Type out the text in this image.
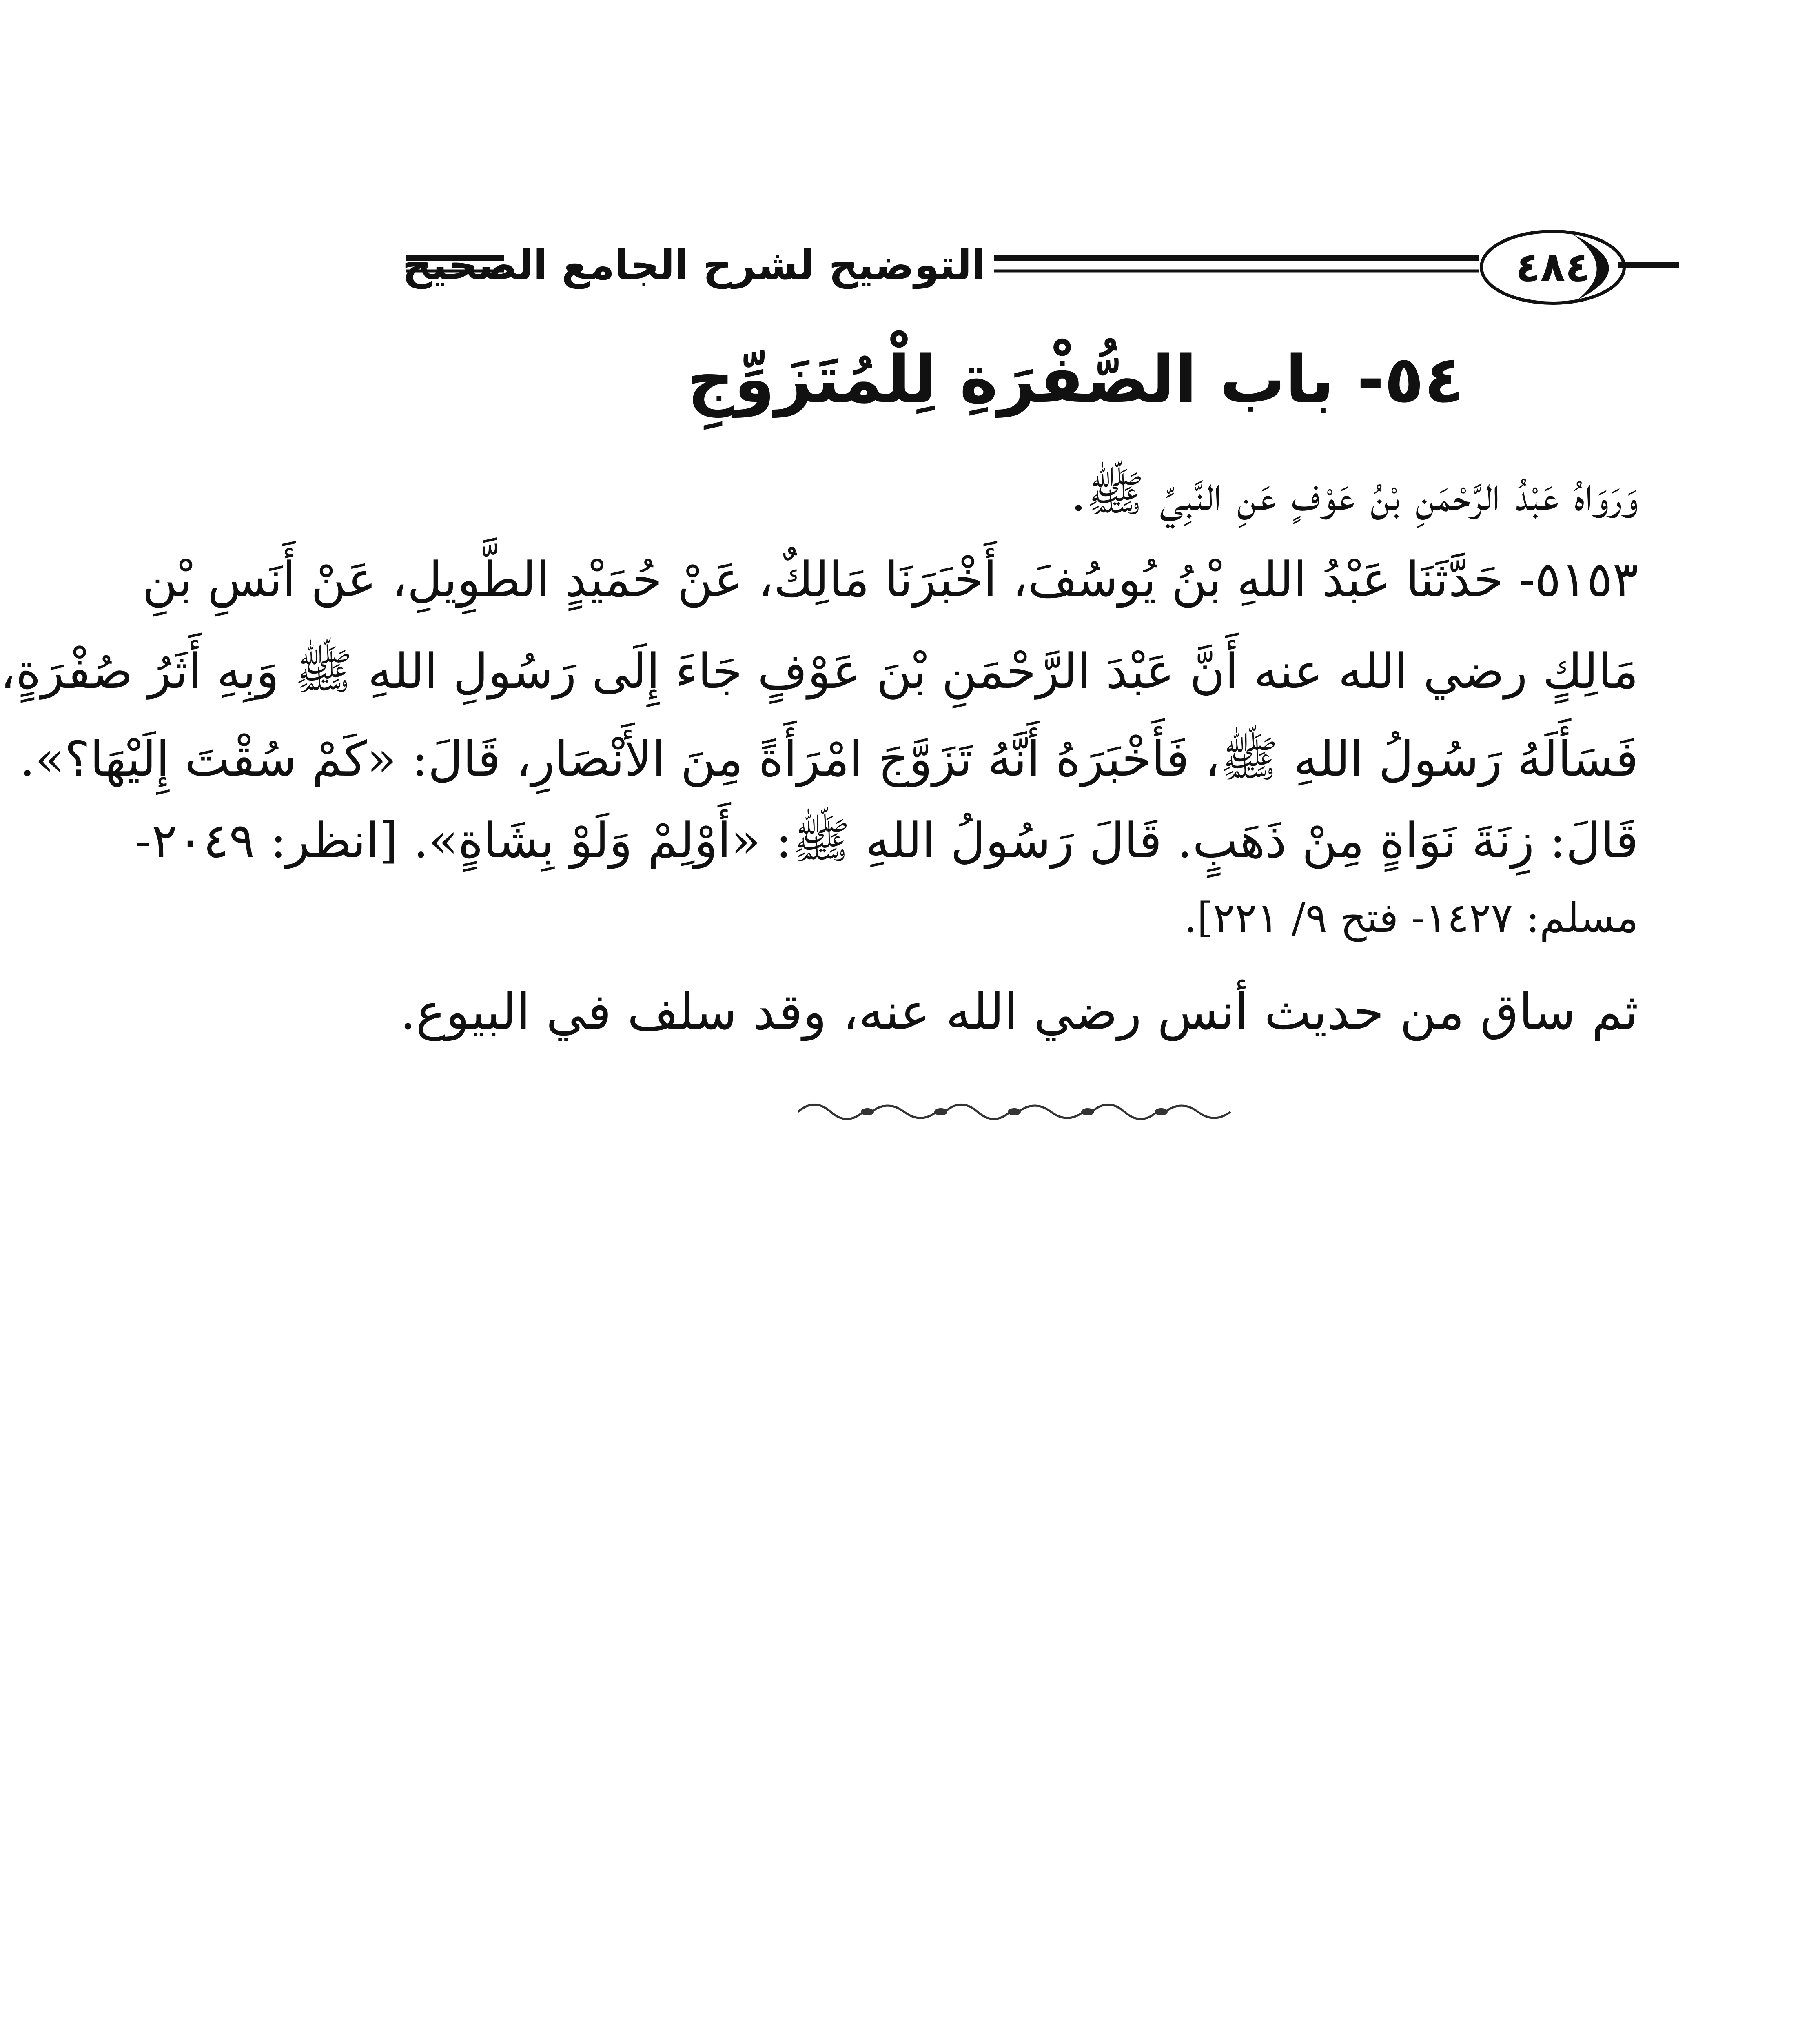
التوضيح لشرح الجامع الصحيح	٤٨٤
٥٤- باب الصُّفْرَةِ لِلْمُتَزَوِّجِ
وَرَوَاهُ عَبْدُ الرَّحْمَنِ بْنُ عَوْفٍ عَنِ النَّبِيِّ ﷺ.
٥١٥٣- حَدَّثَنَا عَبْدُ اللهِ بْنُ يُوسُفَ، أَخْبَرَنَا مَالِكٌ، عَنْ حُمَيْدٍ الطَّوِيلِ، عَنْ أَنَسِ بْنِ
مَالِكٍ رضي الله عنه أَنَّ عَبْدَ الرَّحْمَنِ بْنَ عَوْفٍ جَاءَ إِلَى رَسُولِ اللهِ ﷺ وَبِهِ أَثَرُ صُفْرَةٍ،
فَسَأَلَهُ رَسُولُ اللهِ ﷺ، فَأَخْبَرَهُ أَنَّهُ تَزَوَّجَ امْرَأَةً مِنَ الأَنْصَارِ، قَالَ: «كَمْ سُقْتَ إِلَيْهَا؟».
قَالَ: زِنَةَ نَوَاةٍ مِنْ ذَهَبٍ. قَالَ رَسُولُ اللهِ ﷺ: «أَوْلِمْ وَلَوْ بِشَاةٍ». [انظر: ٢٠٤٩-
مسلم: ١٤٢٧- فتح ٩/ ٢٢١].
ثم ساق من حديث أنس رضي الله عنه، وقد سلف في البيوع.
